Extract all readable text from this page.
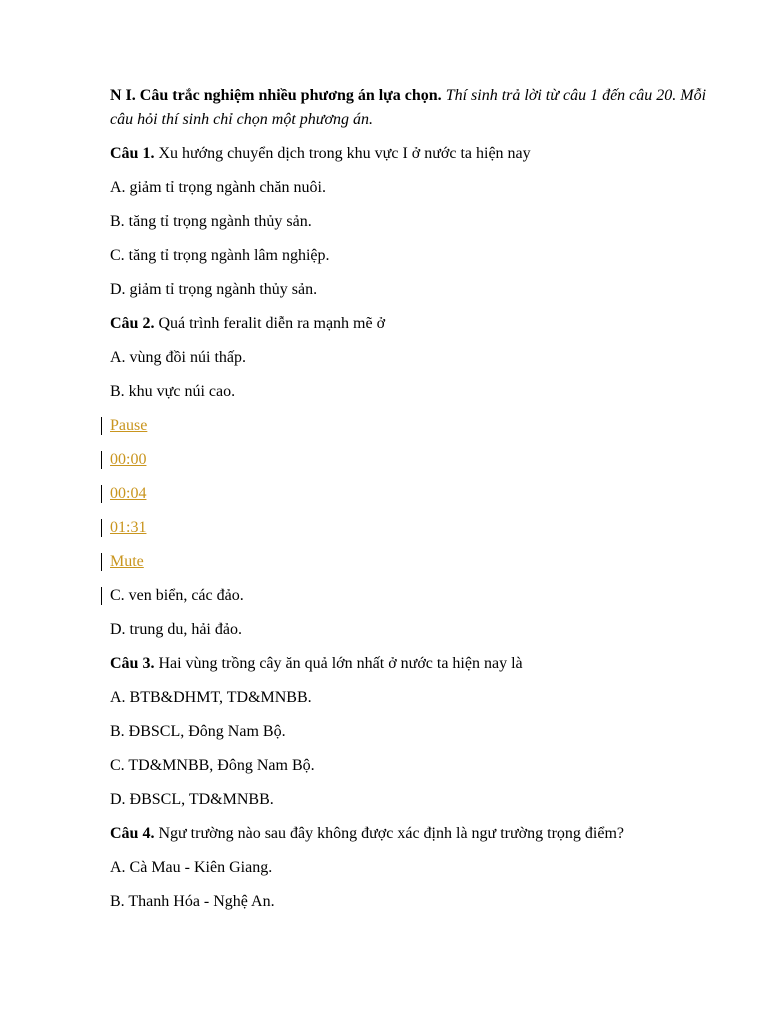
N I. Câu trắc nghiệm nhiều phương án lựa chọn. Thí sinh trả lời từ câu 1 đến câu 20. Mỗi câu hỏi thí sinh chỉ chọn một phương án.

Câu 1. Xu hướng chuyển dịch trong khu vực I ở nước ta hiện nay
A. giảm tỉ trọng ngành chăn nuôi.
B. tăng tỉ trọng ngành thủy sản.
C. tăng tỉ trọng ngành lâm nghiệp.
D. giảm tỉ trọng ngành thủy sản.
Câu 2. Quá trình feralit diễn ra mạnh mẽ ở
A. vùng đồi núi thấp.
B. khu vực núi cao.
Pause
00:00
00:04
01:31
Mute
C. ven biển, các đảo.
D. trung du, hải đảo.
Câu 3. Hai vùng trồng cây ăn quả lớn nhất ở nước ta hiện nay là
A. BTB&DHMT, TD&MNBB.
B. ĐBSCL, Đông Nam Bộ.
C. TD&MNBB, Đông Nam Bộ.
D. ĐBSCL, TD&MNBB.
Câu 4. Ngư trường nào sau đây không được xác định là ngư trường trọng điểm?
A. Cà Mau - Kiên Giang.
B. Thanh Hóa - Nghệ An.
